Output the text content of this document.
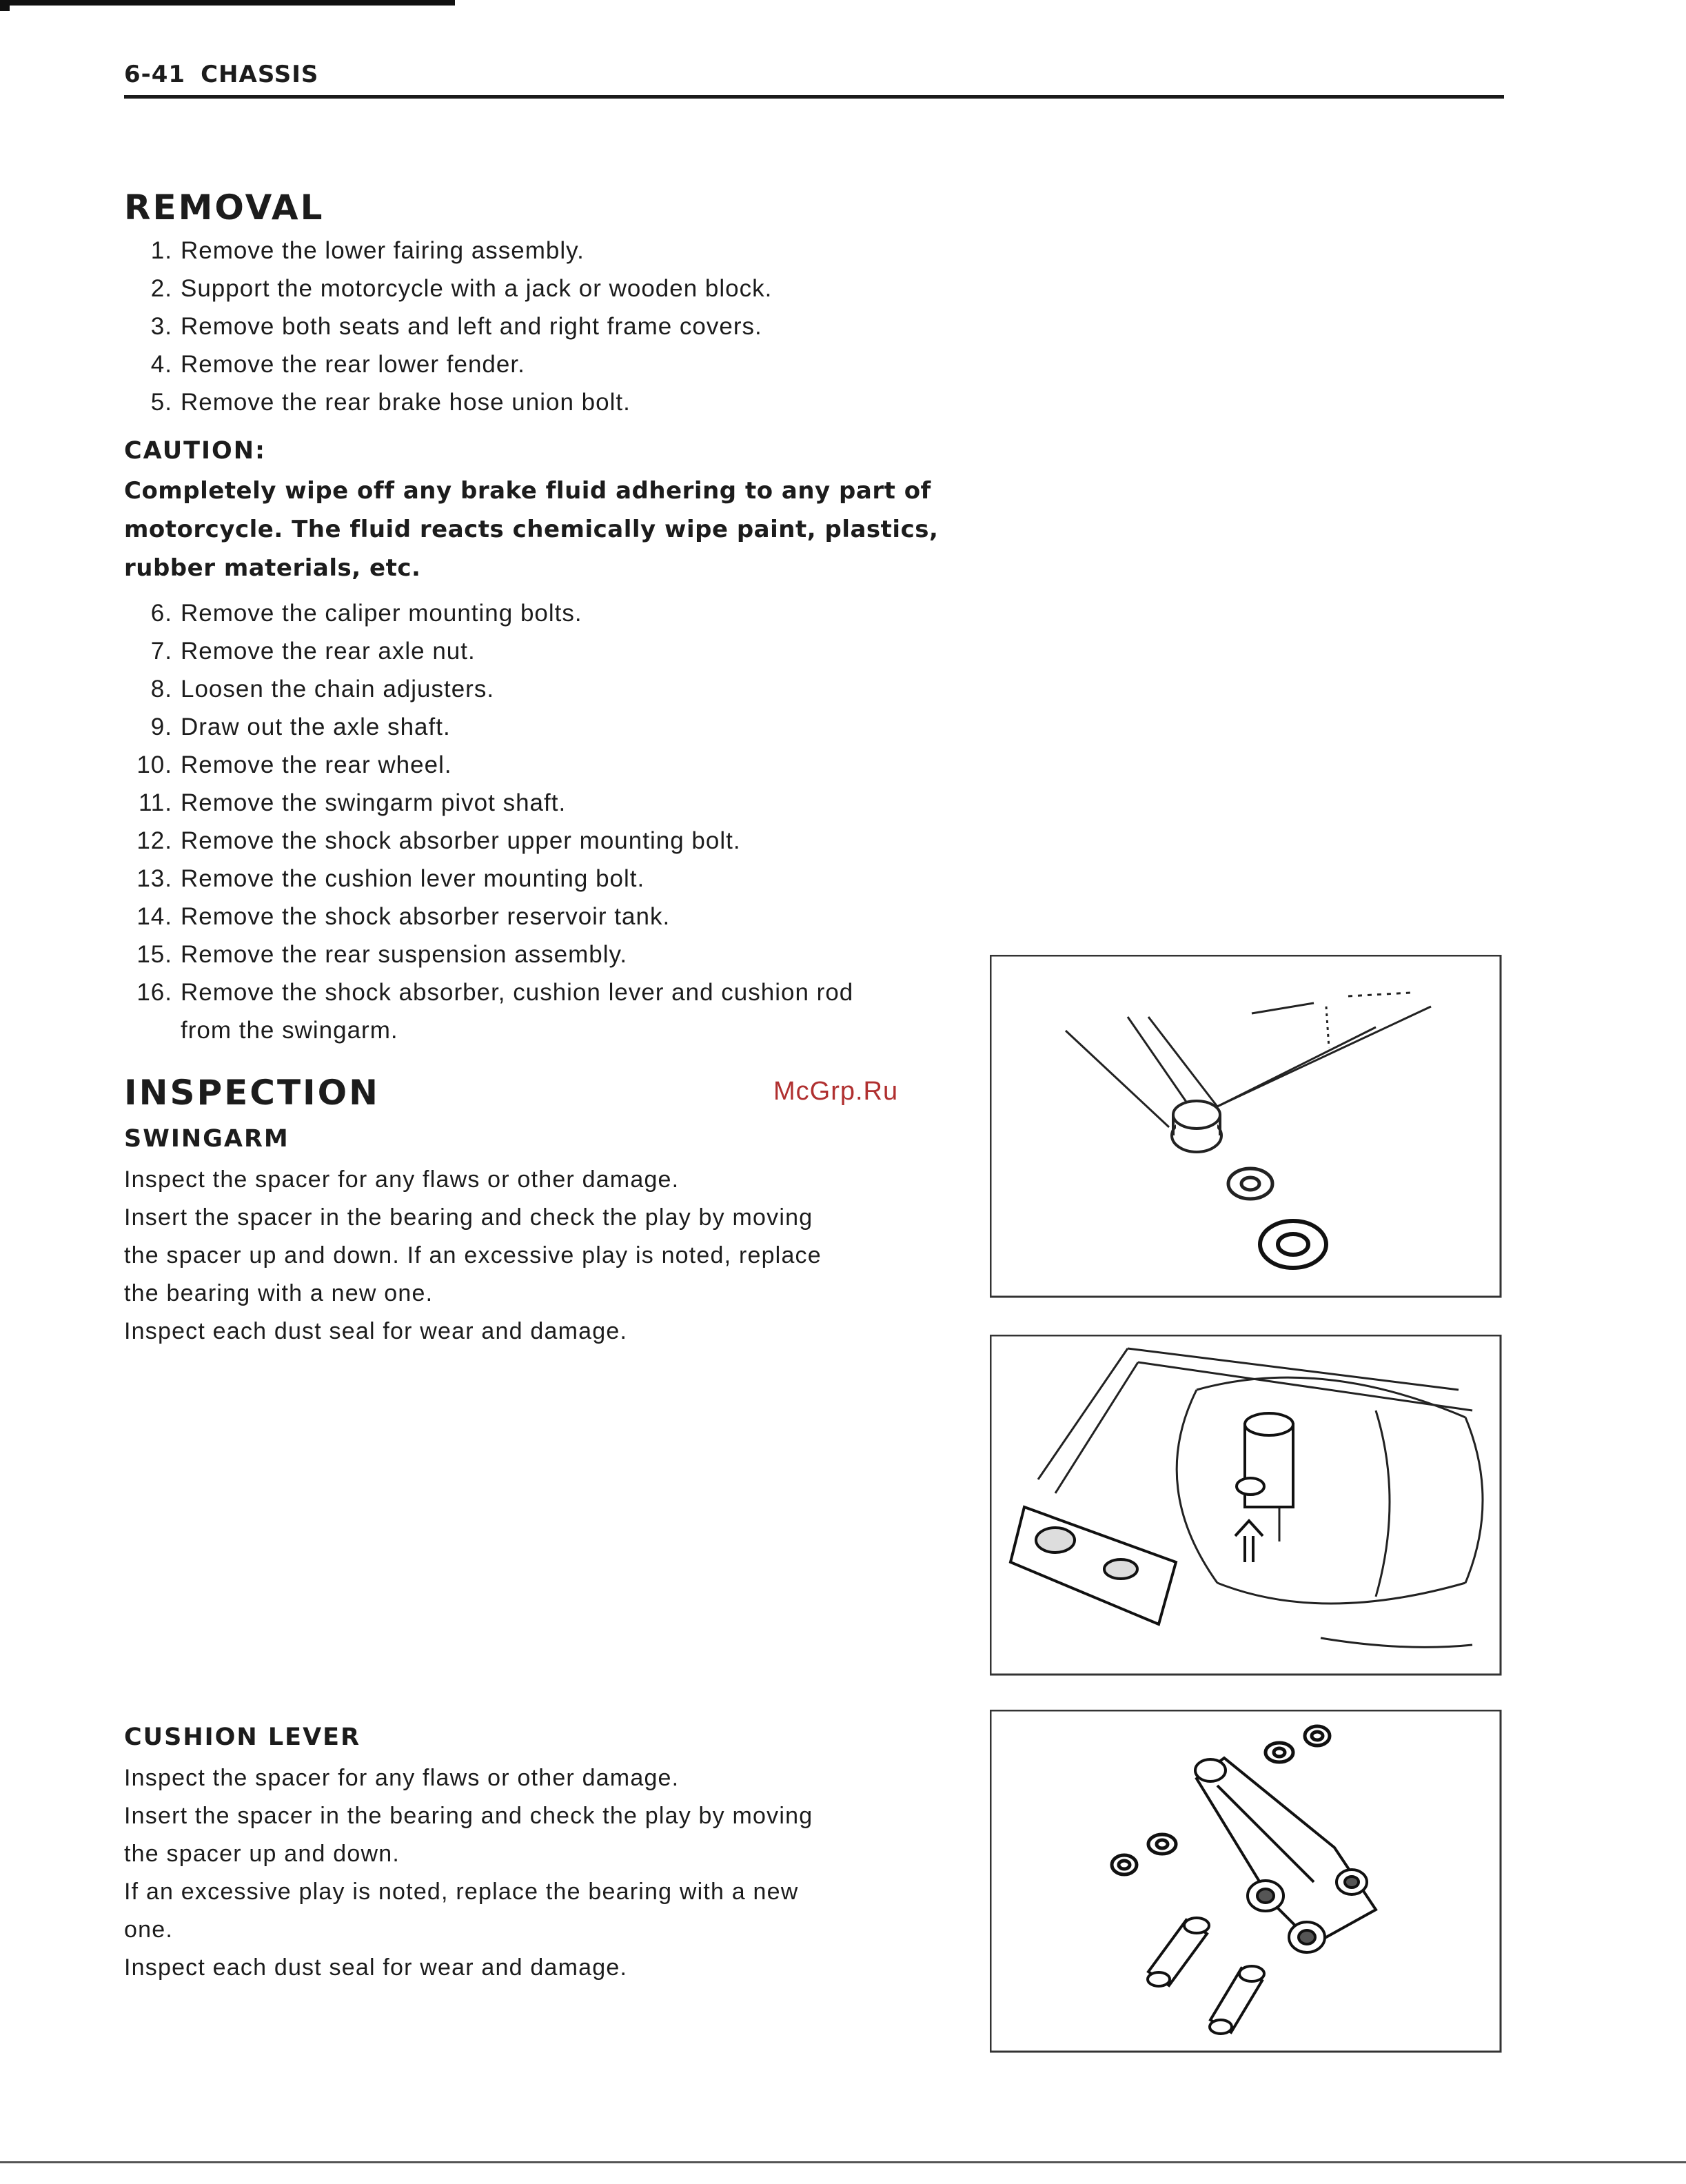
6-41 CHASSIS
REMOVAL
1. Remove the lower fairing assembly.
2. Support the motorcycle with a jack or wooden block.
3. Remove both seats and left and right frame covers.
4. Remove the rear lower fender.
5. Remove the rear brake hose union bolt.
CAUTION:
Completely wipe off any brake fluid adhering to any part of
motorcycle. The fluid reacts chemically wipe paint, plastics,
rubber materials, etc.
6. Remove the caliper mounting bolts.
7. Remove the rear axle nut.
8. Loosen the chain adjusters.
9. Draw out the axle shaft.
10. Remove the rear wheel.
11. Remove the swingarm pivot shaft.
12. Remove the shock absorber upper mounting bolt.
13. Remove the cushion lever mounting bolt.
14. Remove the shock absorber reservoir tank.
15. Remove the rear suspension assembly.
16. Remove the shock absorber, cushion lever and cushion rod
from the swingarm.
INSPECTION	McGrp.Ru
SWINGARM
Inspect the spacer for any flaws or other damage.
Insert the spacer in the bearing and check the play by moving
the spacer up and down. If an excessive play is noted, replace
the bearing with a new one.
Inspect each dust seal for wear and damage.
CUSHION LEVER
Inspect the spacer for any flaws or other damage.
Insert the spacer in the bearing and check the play by moving
the spacer up and down.
If an excessive play is noted, replace the bearing with a new
one.
Inspect each dust seal for wear and damage.
